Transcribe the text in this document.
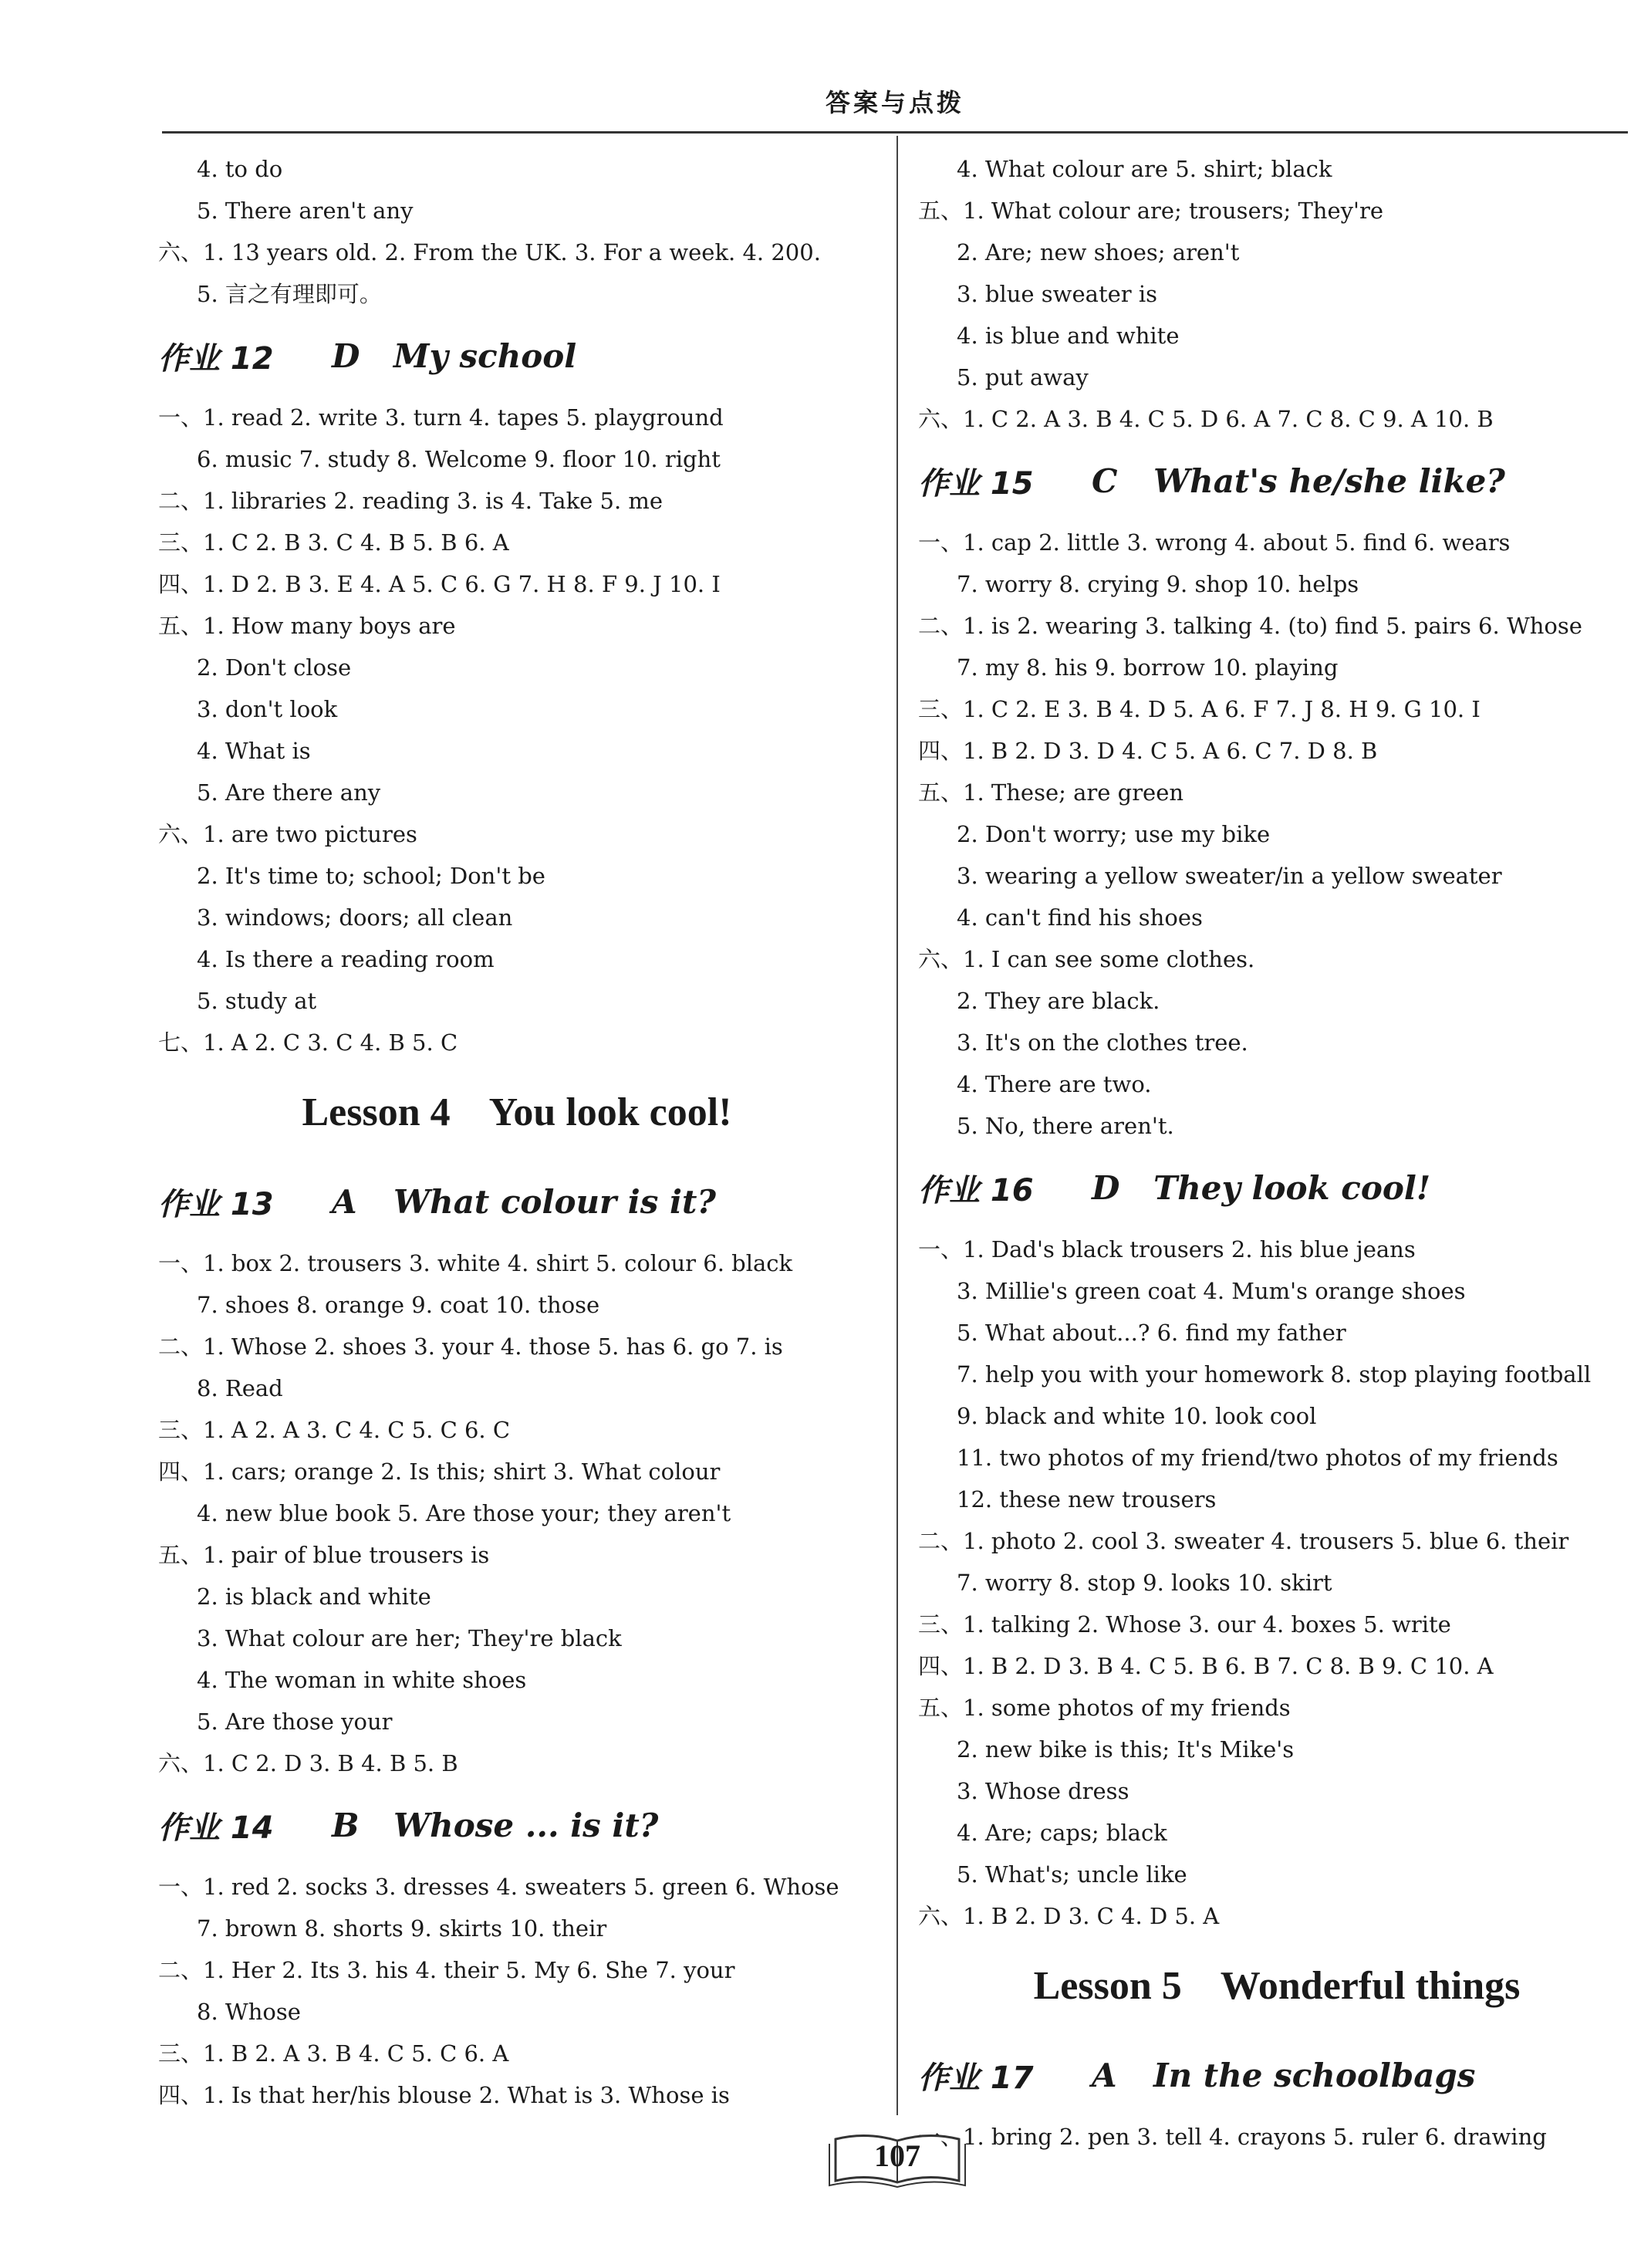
答案与点拨
4. to do
5. There aren't any
六、1. 13 years old. 2. From the UK. 3. For a week. 4. 200.
5. 言之有理即可。
作业 12	D	My school
一、1. read 2. write 3. turn 4. tapes 5. playground
6. music 7. study 8. Welcome 9. floor 10. right
二、1. libraries 2. reading 3. is 4. Take 5. me
三、1. C 2. B 3. C 4. B 5. B 6. A
四、1. D 2. B 3. E 4. A 5. C 6. G 7. H 8. F 9. J 10. I
五、1. How many boys are
2. Don't close
3. don't look
4. What is
5. Are there any
六、1. are two pictures
2. It's time to; school; Don't be
3. windows; doors; all clean
4. Is there a reading room
5. study at
七、1. A 2. C 3. C 4. B 5. C
Lesson 4 You look cool!
作业 13	A	What colour is it?
一、1. box 2. trousers 3. white 4. shirt 5. colour 6. black
7. shoes 8. orange 9. coat 10. those
二、1. Whose 2. shoes 3. your 4. those 5. has 6. go 7. is
8. Read
三、1. A 2. A 3. C 4. C 5. C 6. C
四、1. cars; orange 2. Is this; shirt 3. What colour
4. new blue book 5. Are those your; they aren't
五、1. pair of blue trousers is
2. is black and white
3. What colour are her; They're black
4. The woman in white shoes
5. Are those your
六、1. C 2. D 3. B 4. B 5. B
作业 14	B	Whose ... is it?
一、1. red 2. socks 3. dresses 4. sweaters 5. green 6. Whose
7. brown 8. shorts 9. skirts 10. their
二、1. Her 2. Its 3. his 4. their 5. My 6. She 7. your
8. Whose
三、1. B 2. A 3. B 4. C 5. C 6. A
四、1. Is that her/his blouse 2. What is 3. Whose is
4. What colour are 5. shirt; black
五、1. What colour are; trousers; They're
2. Are; new shoes; aren't
3. blue sweater is
4. is blue and white
5. put away
六、1. C 2. A 3. B 4. C 5. D 6. A 7. C 8. C 9. A 10. B
作业 15	C	What's he/she like?
一、1. cap 2. little 3. wrong 4. about 5. find 6. wears
7. worry 8. crying 9. shop 10. helps
二、1. is 2. wearing 3. talking 4. (to) find 5. pairs 6. Whose
7. my 8. his 9. borrow 10. playing
三、1. C 2. E 3. B 4. D 5. A 6. F 7. J 8. H 9. G 10. I
四、1. B 2. D 3. D 4. C 5. A 6. C 7. D 8. B
五、1. These; are green
2. Don't worry; use my bike
3. wearing a yellow sweater/in a yellow sweater
4. can't find his shoes
六、1. I can see some clothes.
2. They are black.
3. It's on the clothes tree.
4. There are two.
5. No, there aren't.
作业 16	D	They look cool!
一、1. Dad's black trousers 2. his blue jeans
3. Millie's green coat 4. Mum's orange shoes
5. What about...? 6. find my father
7. help you with your homework 8. stop playing football
9. black and white 10. look cool
11. two photos of my friend/two photos of my friends
12. these new trousers
二、1. photo 2. cool 3. sweater 4. trousers 5. blue 6. their
7. worry 8. stop 9. looks 10. skirt
三、1. talking 2. Whose 3. our 4. boxes 5. write
四、1. B 2. D 3. B 4. C 5. B 6. B 7. C 8. B 9. C 10. A
五、1. some photos of my friends
2. new bike is this; It's Mike's
3. Whose dress
4. Are; caps; black
5. What's; uncle like
六、1. B 2. D 3. C 4. D 5. A
Lesson 5 Wonderful things
作业 17	A	In the schoolbags
一、1. bring 2. pen 3. tell 4. crayons 5. ruler 6. drawing
107
